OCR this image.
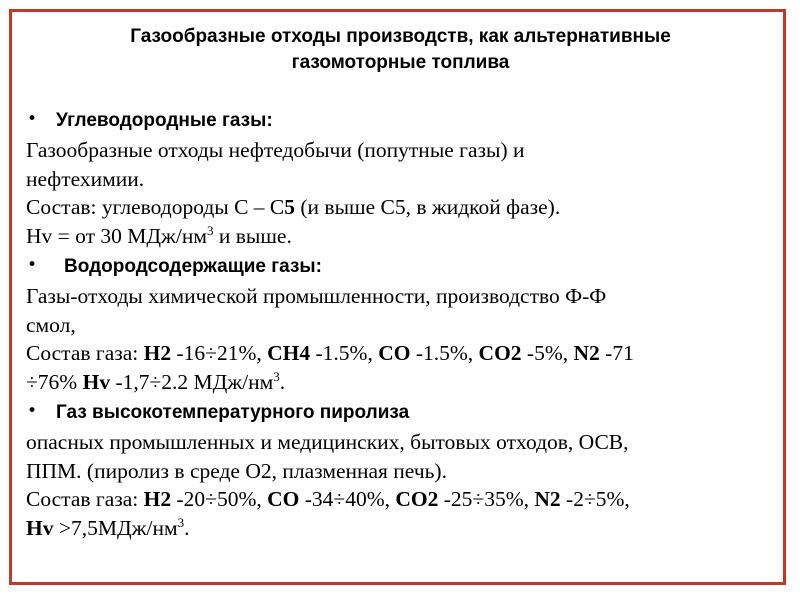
Газообразные отходы производств, как альтернативные
газомоторные топлива
• Углеводородные газы:
Газообразные отходы нефтедобычи (попутные газы) и
нефтехимии.
Состав: углеводороды С – С5 (и выше С5, в жидкой фазе).
Hv = от 30 МДж/$нм^3$ и выше.
• Водородсодержащие газы:
Газы-отходы химической промышленности, производство Ф-Ф
смол,
Состав газа: H2 -16÷21%, CH4 -1.5%, CO -1.5%, CO2 -5%, N2 -71
÷76% Hv -1,7÷2.2 МДж/$нм^3$.
• Газ высокотемпературного пиролиза
опасных промышленных и медицинских, бытовых отходов, ОСВ,
ППМ. (пиролиз в среде О2, плазменная печь).
Состав газа: H2 -20÷50%, CO -34÷40%, CO2 -25÷35%, N2 -2÷5%,
$Hv >7,5МДж/нм^3$.
